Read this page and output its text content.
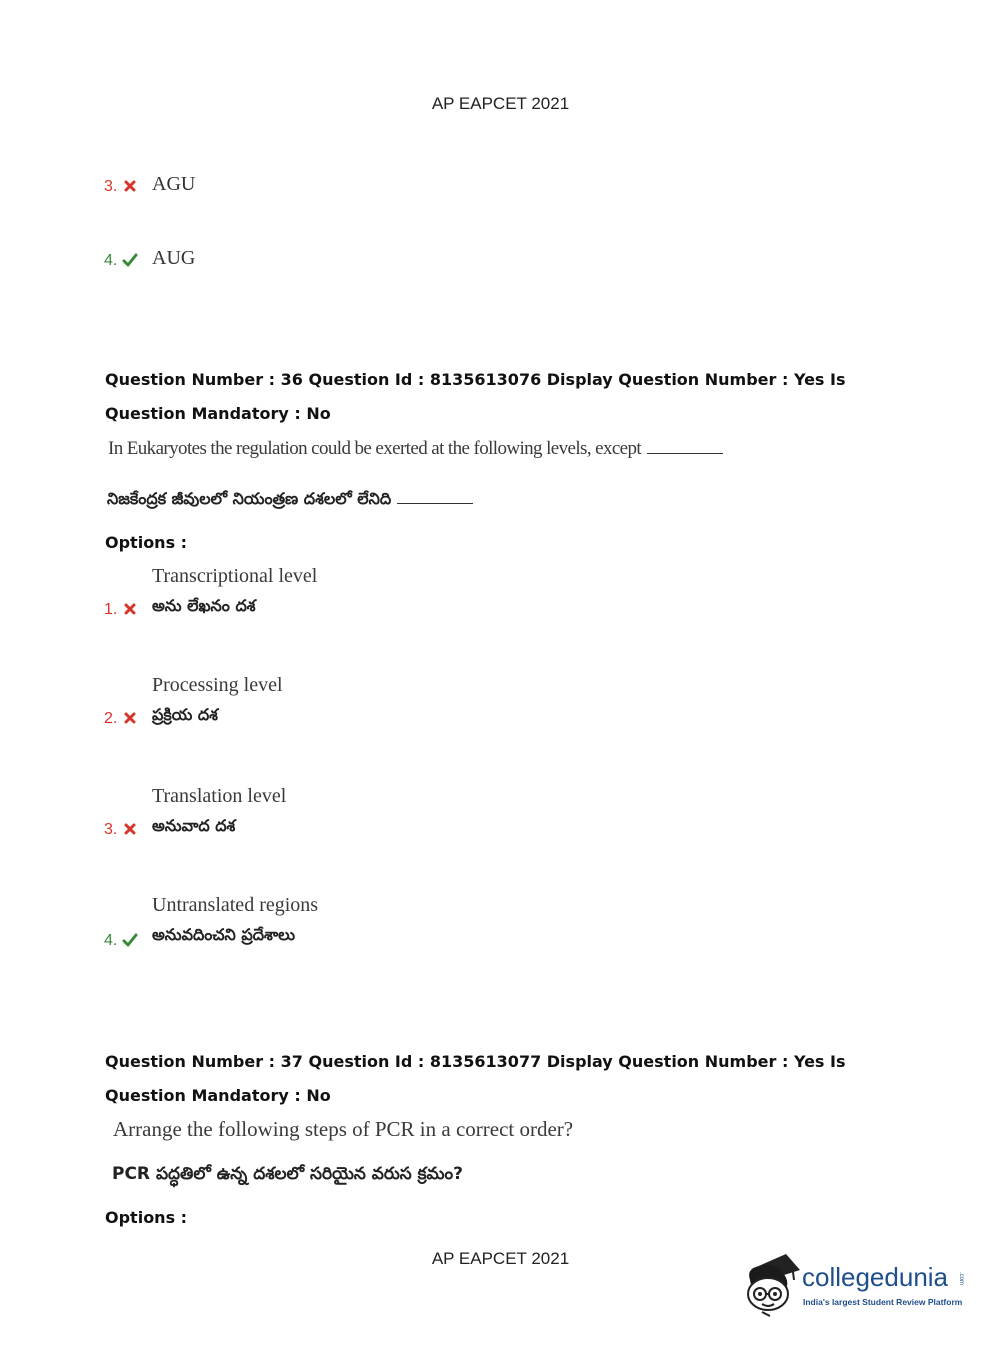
AP EAPCET 2021
3. AGU
4. AUG
Question Number : 36 Question Id : 8135613076 Display Question Number : Yes Is Question Mandatory : No
In Eukaryotes the regulation could be exerted at the following levels, except
నిజకేంద్రక జీవులలో నియంత్రణ దశలలో లేనిది
Options :
1.
Transcriptional level
అను లేఖనం దశ
2.
Processing level
ప్రక్రియ దశ
3.
Translation level
అనువాద దశ
4.
Untranslated regions
అనువదించని ప్రదేశాలు
Question Number : 37 Question Id : 8135613077 Display Question Number : Yes Is Question Mandatory : No
Arrange the following steps of PCR in a correct order?
PCR పద్ధతిలో ఉన్న దశలలో సరియైన వరుస క్రమం?
Options :
AP EAPCET 2021
collegedunia .com
India's largest Student Review Platform
